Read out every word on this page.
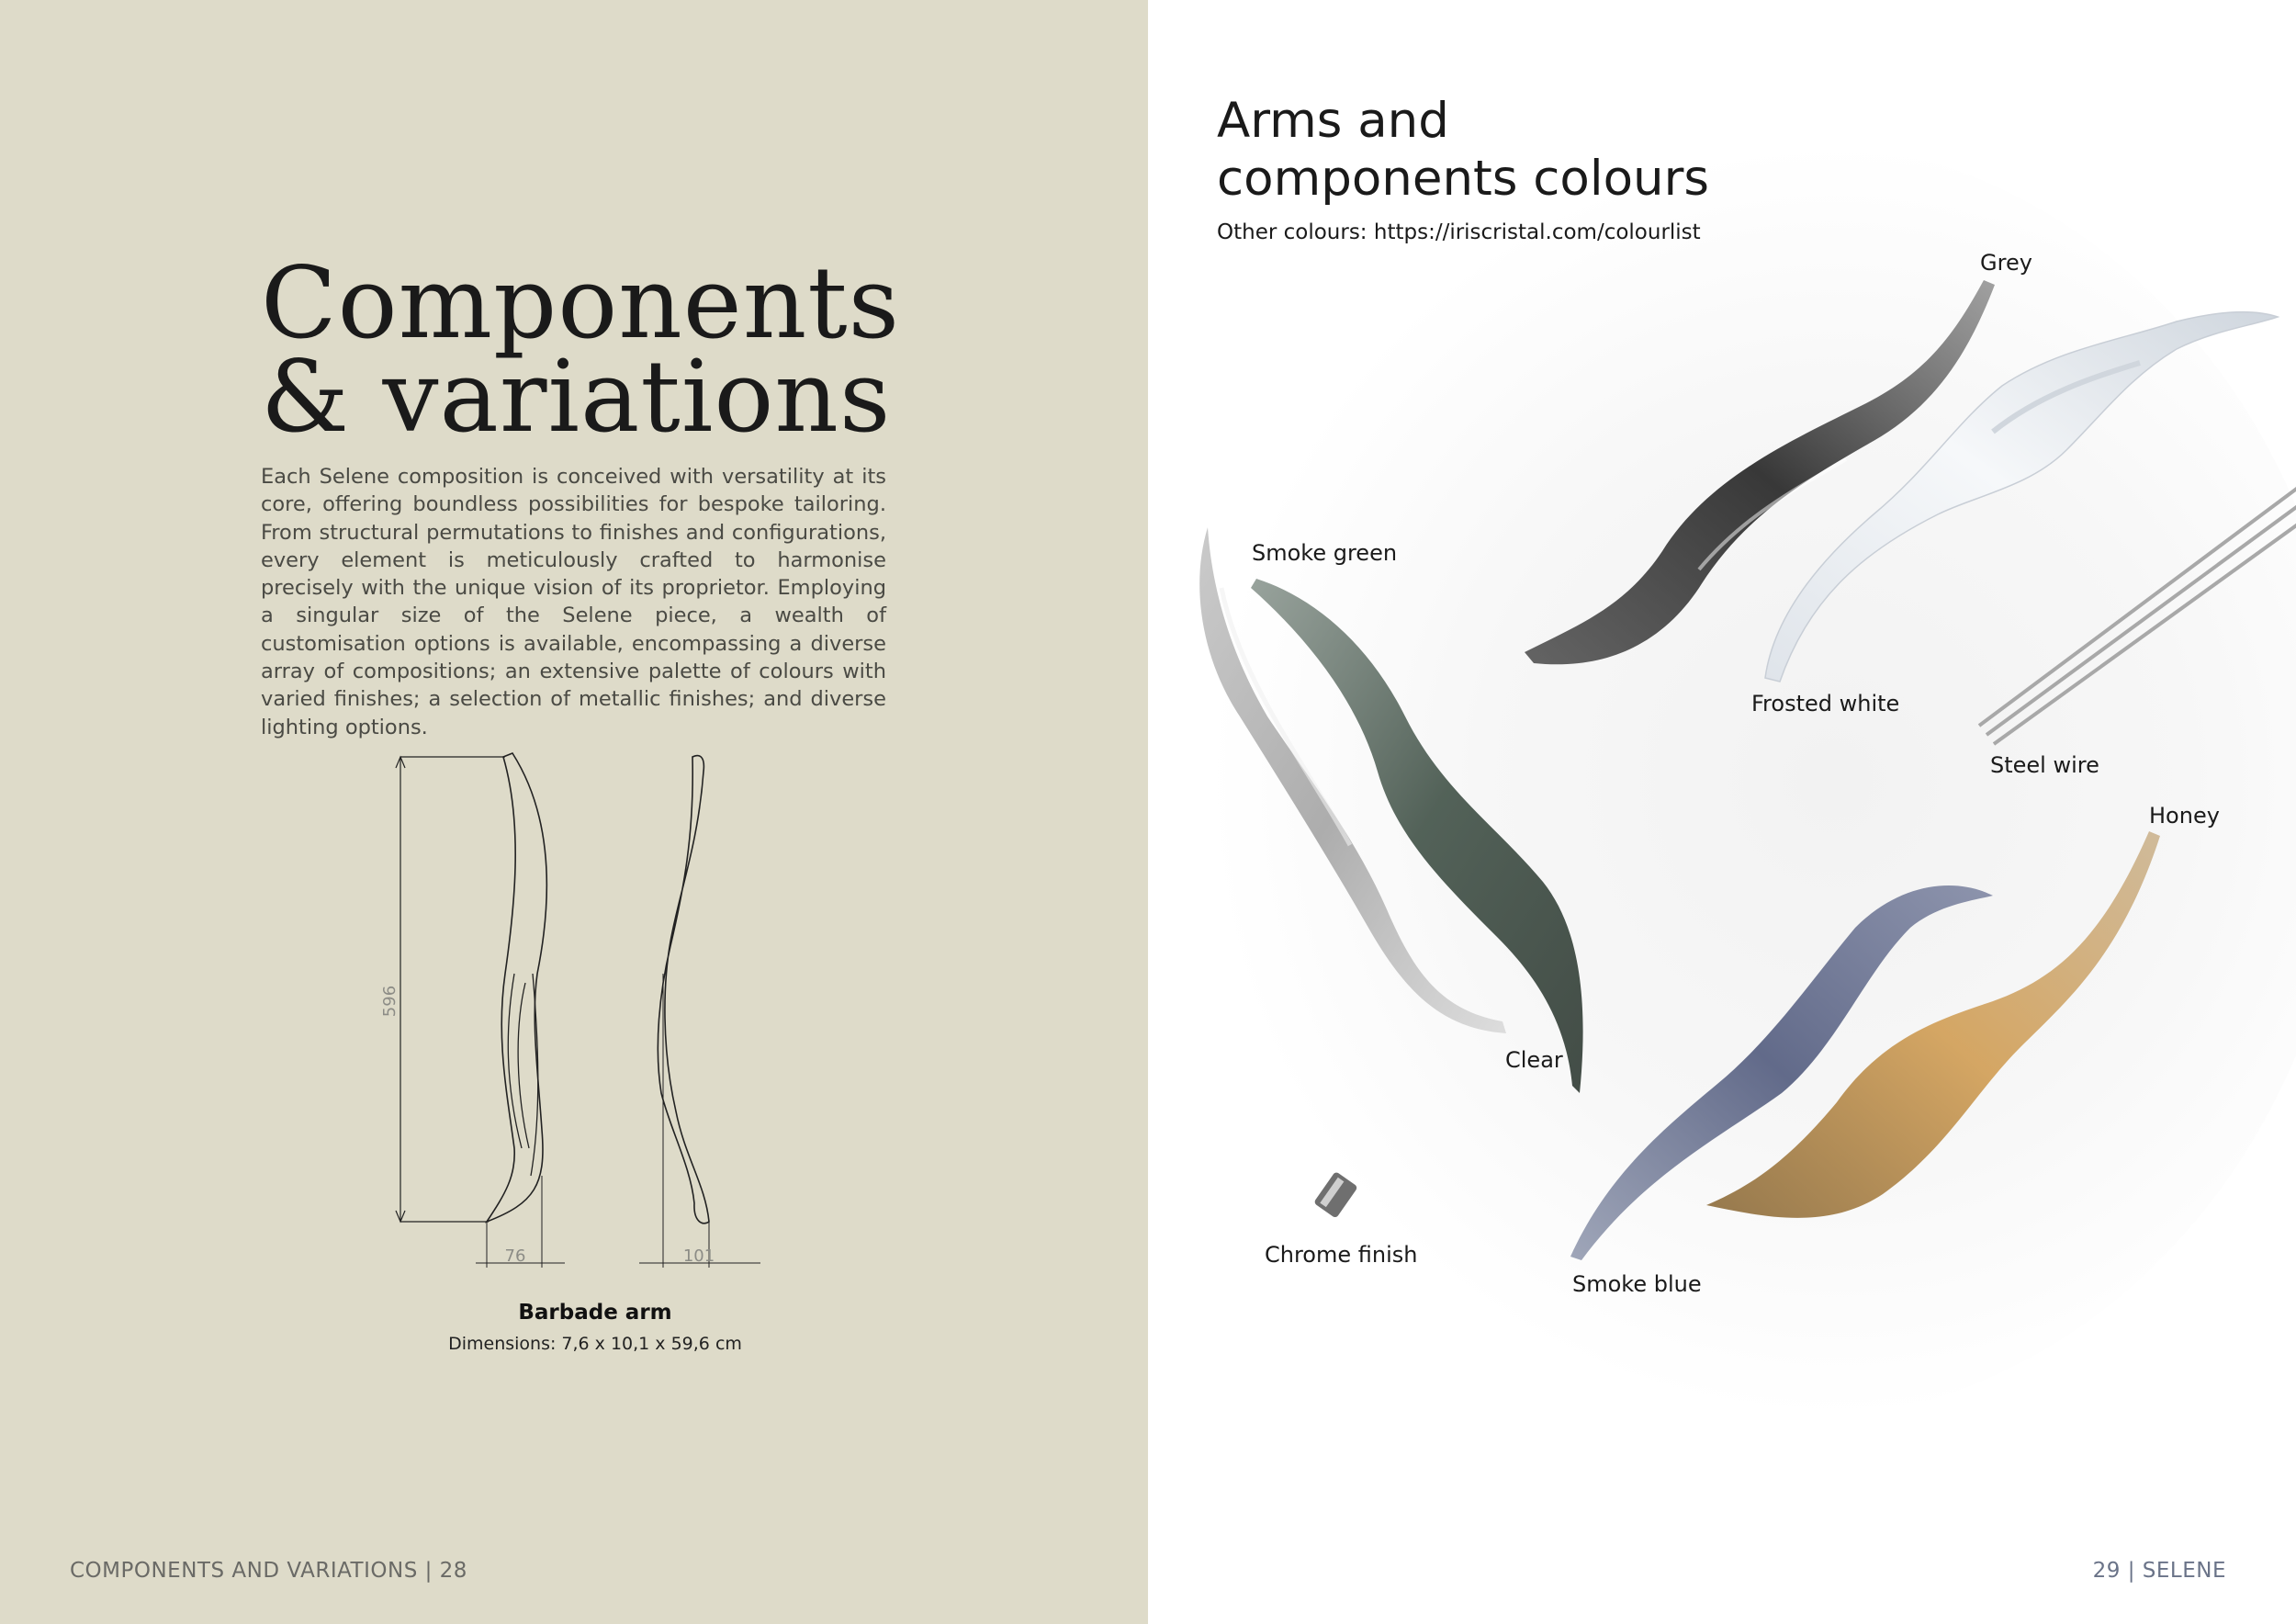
Components
& variations

Each Selene composition is conceived with versatility at its core, offering boundless possibilities for bespoke tailoring. From structural permutations to finishes and configurations, every element is meticulously crafted to harmonise precisely with the unique vision of its proprietor. Employing a singular size of the Selene piece, a wealth of customisation options is available, encompassing a diverse array of compositions; an extensive palette of colours with varied finishes; a selection of metallic finishes; and diverse lighting options.

596
76	101
Barbade arm
Dimensions: 7,6 x 10,1 x 59,6 cm
COMPONENTS AND VARIATIONS | 28
Arms and
components colours
Other colours: https://iriscristal.com/colourlist
Grey
Frosted white
Steel wire
Smoke green
Clear
Honey
Smoke blue
Chrome finish
29 | SELENE
